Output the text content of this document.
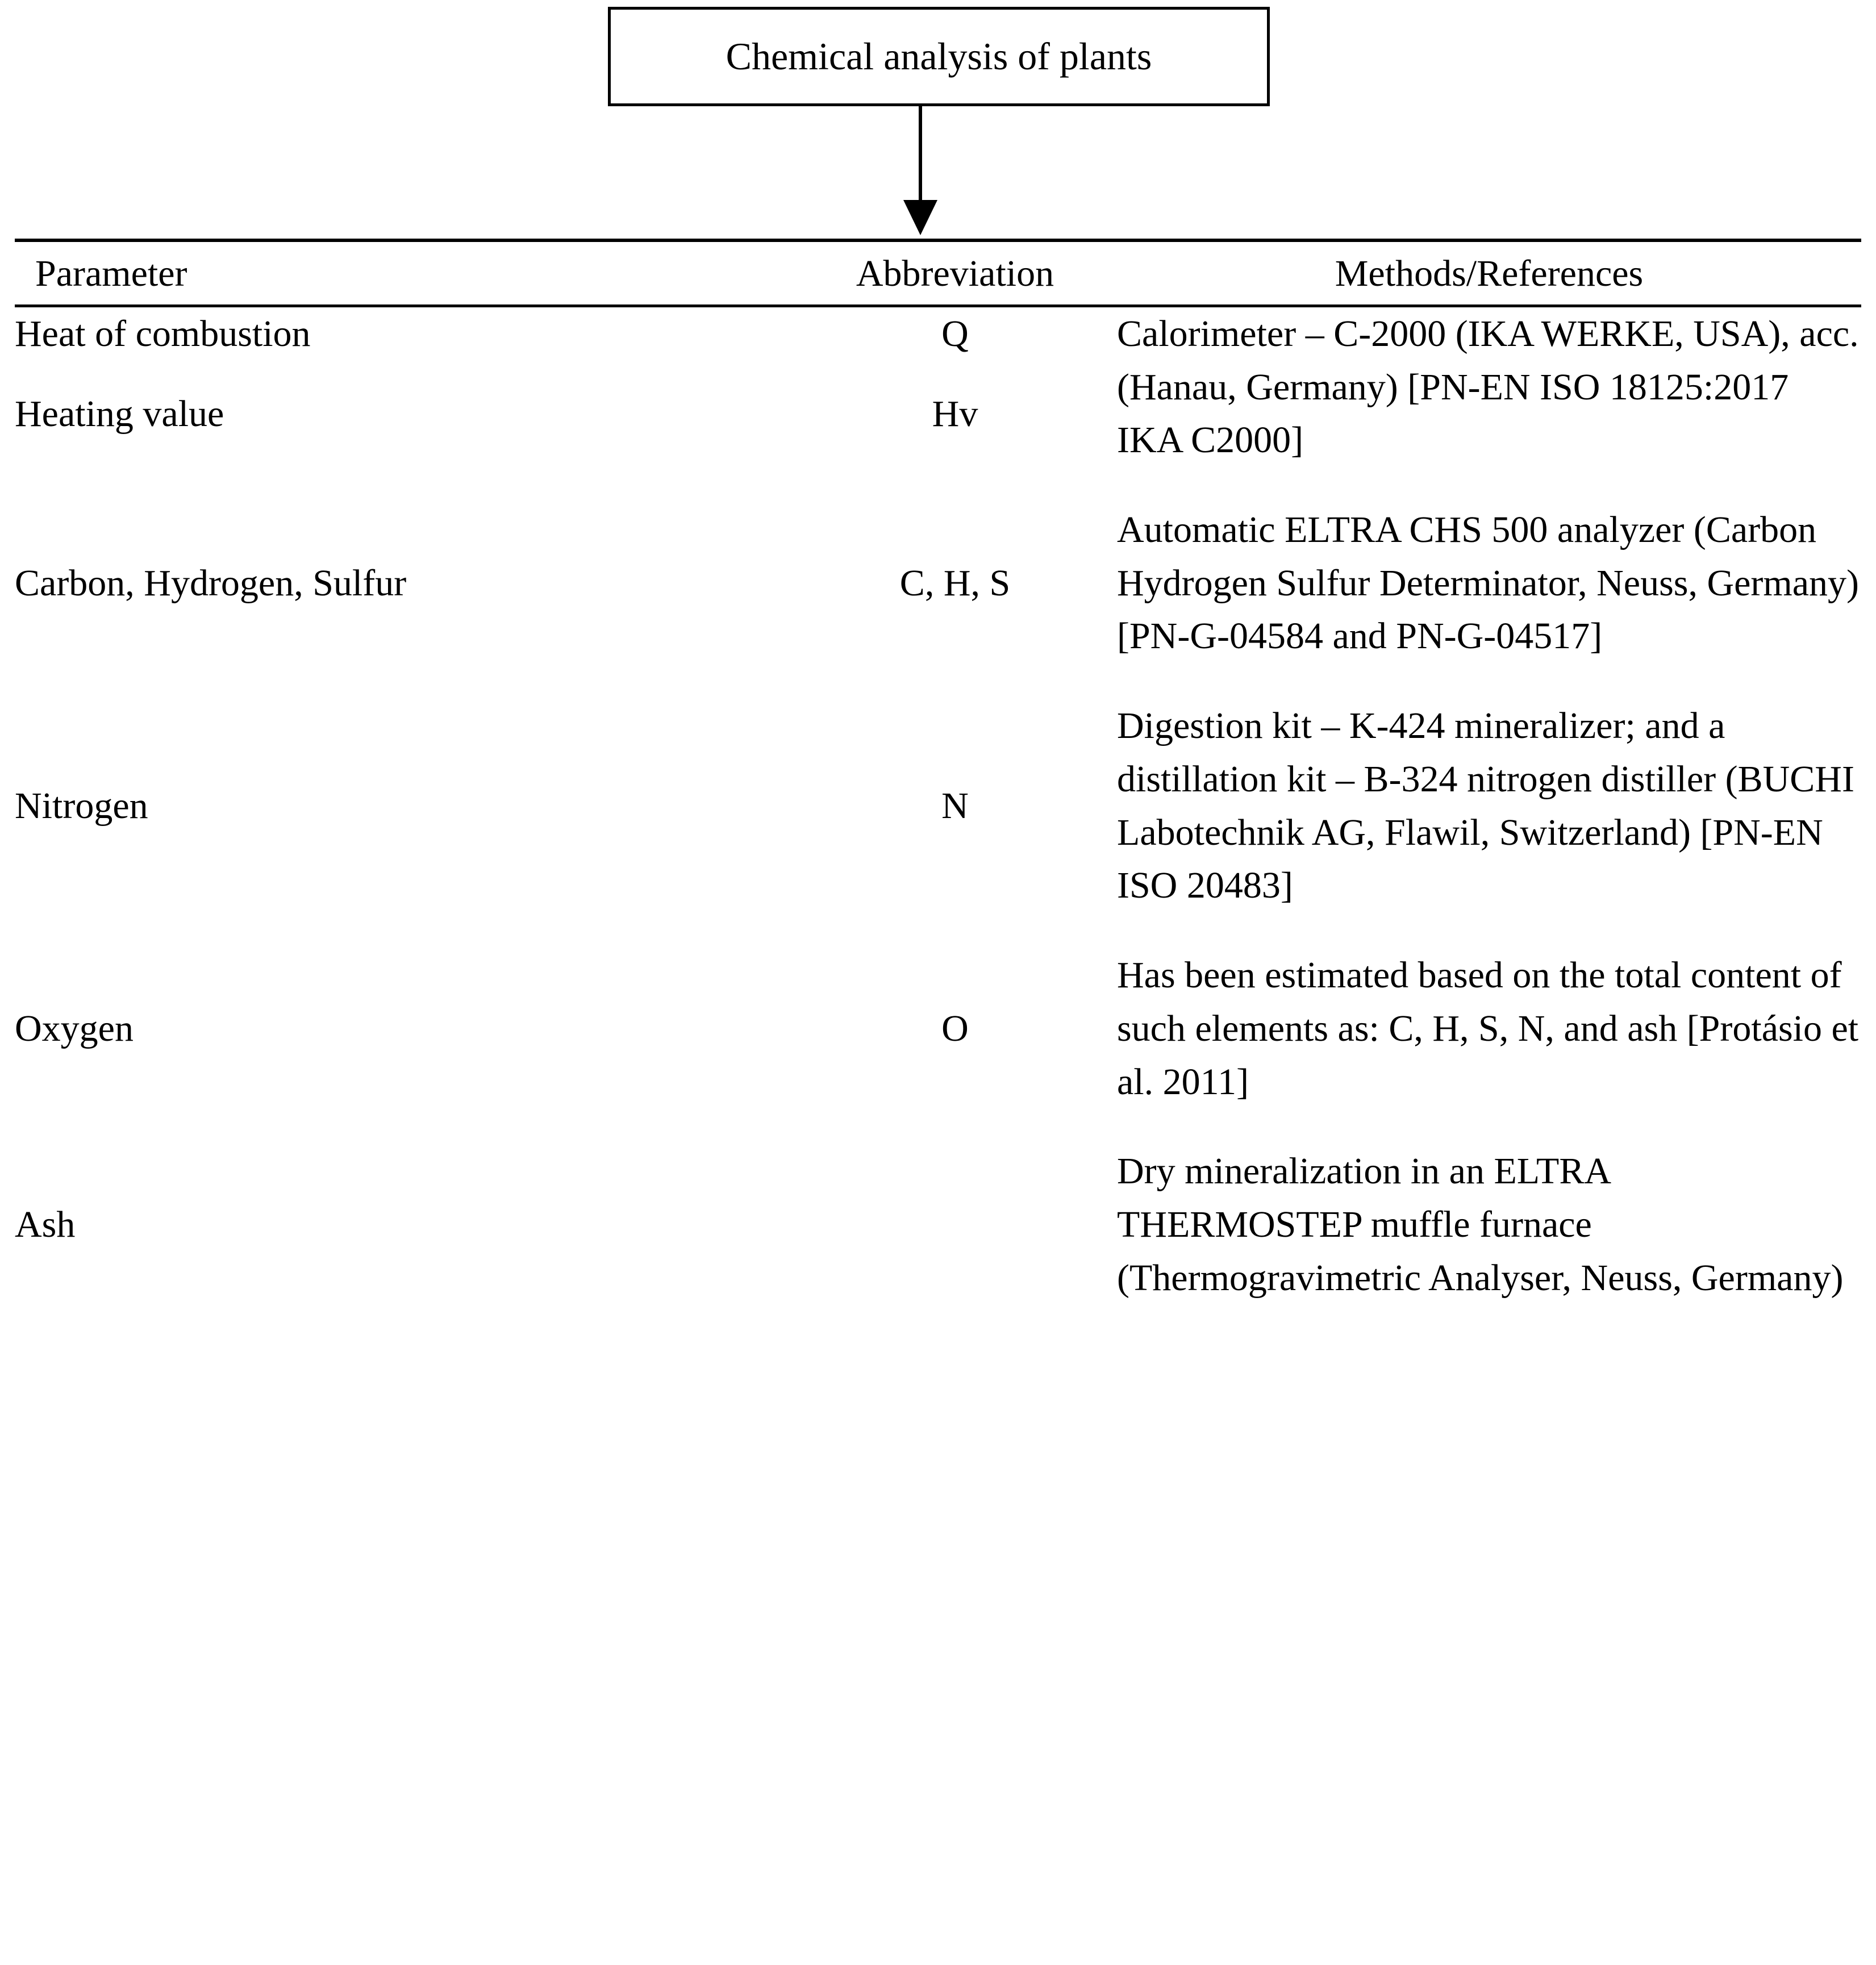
Chemical analysis of plants
Parameter	Abbreviation	Methods/References
Heat of combustion	Q	Calorimeter – C-2000 (IKA WERKE, USA), acc. (Hanau, Germany) [PN-EN ISO 18125:2017 IKA C2000]
Heating value	Hv	

Carbon, Hydrogen, Sulfur	C, H, S	Automatic ELTRA CHS 500 analyzer (Carbon Hydrogen Sulfur Determinator, Neuss, Germany) [PN-G-04584 and PN-G-04517]

Nitrogen	N	Digestion kit – K-424 mineralizer; and a distillation kit – B-324 nitrogen distiller (BUCHI Labotechnik AG, Flawil, Switzerland) [PN-EN ISO 20483]

Oxygen	O	Has been estimated based on the total content of such elements as: C, H, S, N, and ash [Protásio et al. 2011]

Ash		Dry mineralization in an ELTRA THERMOSTEP muffle furnace (Thermogravimetric Analyser, Neuss, Germany)
